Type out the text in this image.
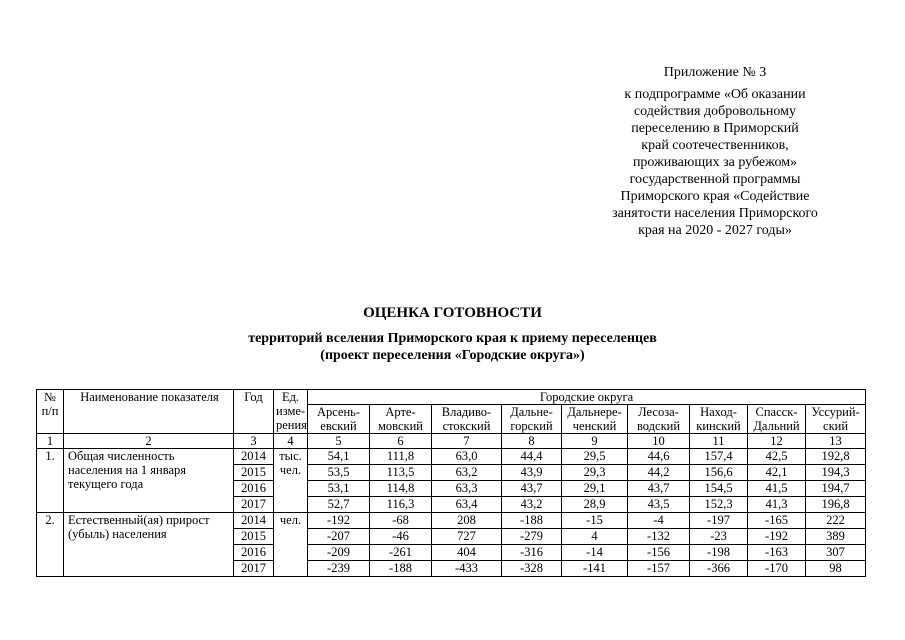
Приложение № 3
к подпрограмме «Об оказании
содействия добровольному
переселению в Приморский
край соотечественников,
проживающих за рубежом»
государственной программы
Приморского края «Содействие
занятости населения Приморского
края на 2020 - 2027 годы»
ОЦЕНКА ГОТОВНОСТИ
территорий вселения Приморского края к приему переселенцев
(проект переселения «Городские округа»)
№ п/п	Наименование показателя	Год	Ед. изме-рения	Городские округа								
				Арсень-евский	Арте-мовский	Владиво-стокский	Дальне-горский	Дальнере-ченский	Лесоза-водский	Наход-кинский	Спасск-Дальний	Уссурий-ский
1	2	3	4	5	6	7	8	9	10	11	12	13
1.	Общая численность населения на 1 января текущего года	2014	тыс. чел.	54,1	111,8	63,0	44,4	29,5	44,6	157,4	42,5	192,8
		2015		53,5	113,5	63,2	43,9	29,3	44,2	156,6	42,1	194,3
		2016		53,1	114,8	63,3	43,7	29,1	43,7	154,5	41,5	194,7
		2017		52,7	116,3	63,4	43,2	28,9	43,5	152,3	41,3	196,8
2.	Естественный(ая) прирост (убыль) населения	2014	чел.	-192	-68	208	-188	-15	-4	-197	-165	222
		2015		-207	-46	727	-279	4	-132	-23	-192	389
		2016		-209	-261	404	-316	-14	-156	-198	-163	307
		2017		-239	-188	-433	-328	-141	-157	-366	-170	98
